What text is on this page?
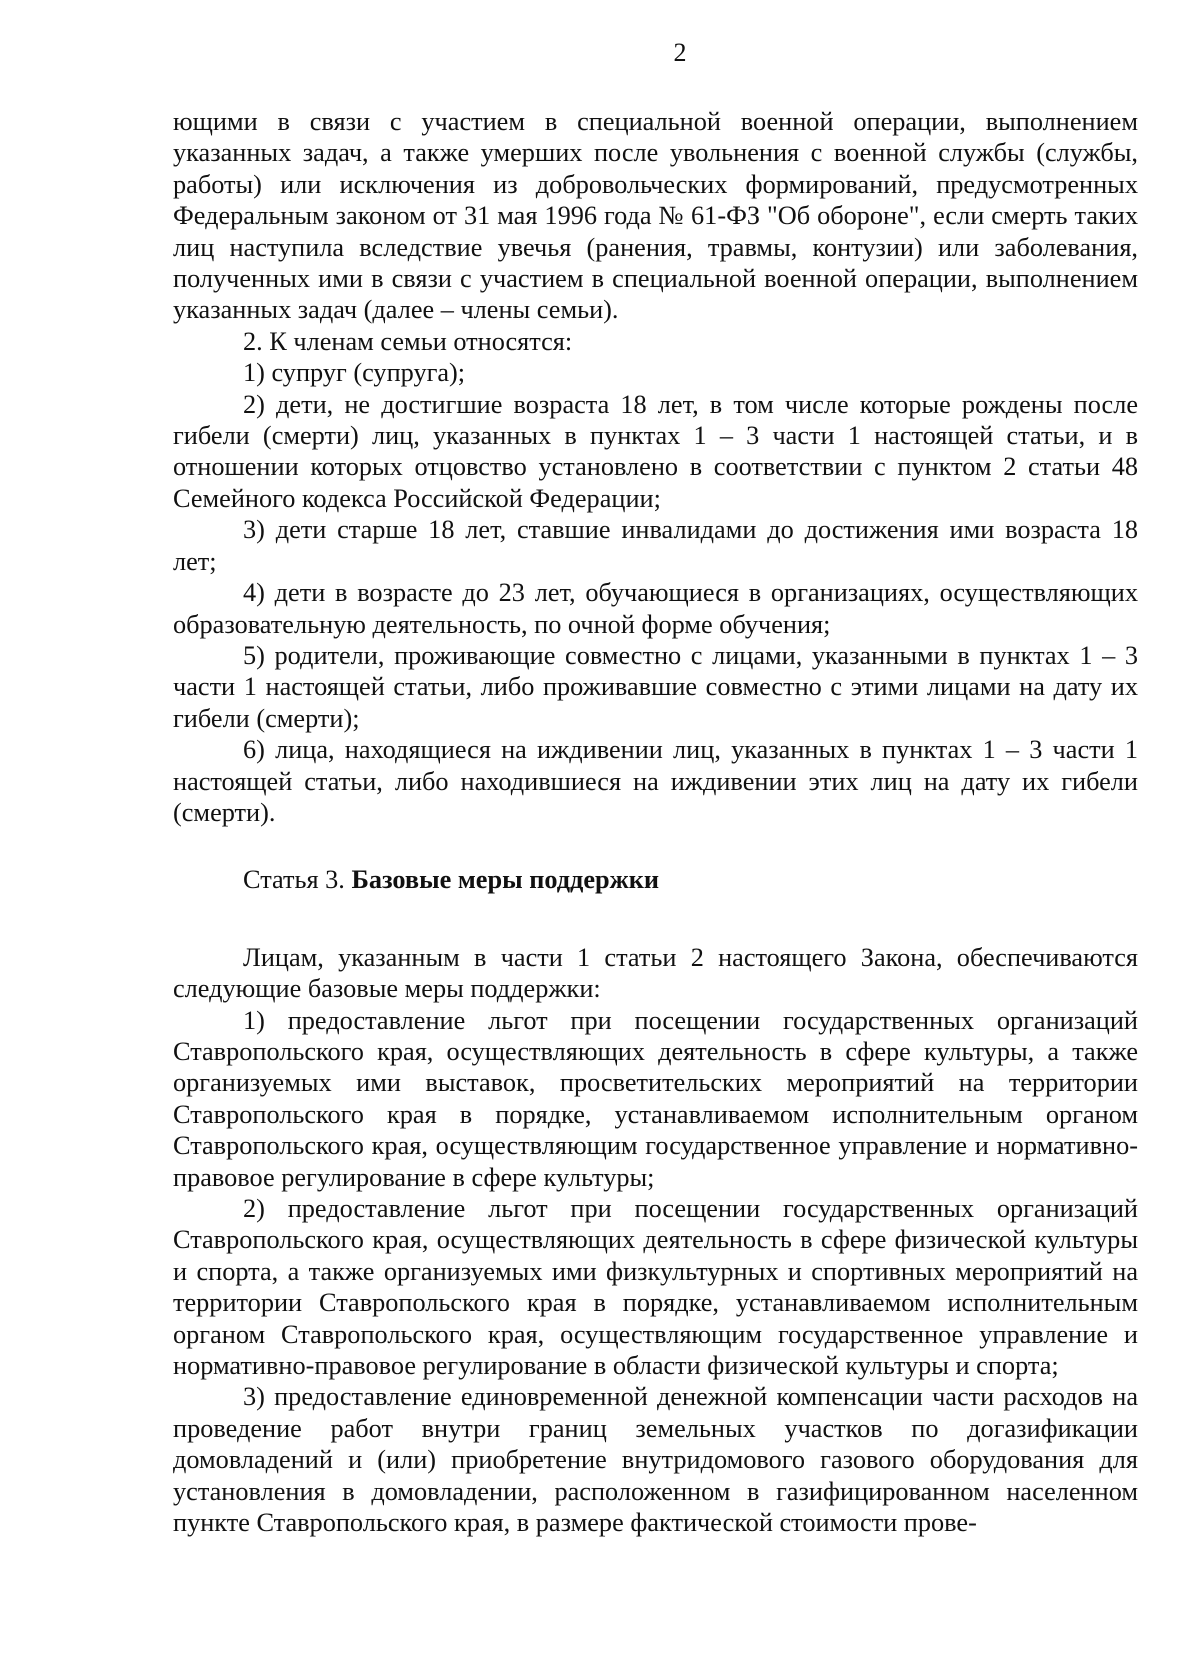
2

ющими в связи с участием в специальной военной операции, выполнением указанных задач, а также умерших после увольнения с военной службы (службы, работы) или исключения из добровольческих формирований, предусмотренных Федеральным законом от 31 мая 1996 года № 61-ФЗ "Об обороне", если смерть таких лиц наступила вследствие увечья (ранения, травмы, контузии) или заболевания, полученных ими в связи с участием в специальной военной операции, выполнением указанных задач (далее – члены семьи).

2. К членам семьи относятся:

1) супруг (супруга);

2) дети, не достигшие возраста 18 лет, в том числе которые рождены после гибели (смерти) лиц, указанных в пунктах 1 – 3 части 1 настоящей статьи, и в отношении которых отцовство установлено в соответствии с пунктом 2 статьи 48 Семейного кодекса Российской Федерации;

3) дети старше 18 лет, ставшие инвалидами до достижения ими возраста 18 лет;

4) дети в возрасте до 23 лет, обучающиеся в организациях, осуществляющих образовательную деятельность, по очной форме обучения;

5) родители, проживающие совместно с лицами, указанными в пунктах 1 – 3 части 1 настоящей статьи, либо проживавшие совместно с этими лицами на дату их гибели (смерти);

6) лица, находящиеся на иждивении лиц, указанных в пунктах 1 – 3 части 1 настоящей статьи, либо находившиеся на иждивении этих лиц на дату их гибели (смерти).

Статья 3. Базовые меры поддержки

Лицам, указанным в части 1 статьи 2 настоящего Закона, обеспечиваются следующие базовые меры поддержки:

1) предоставление льгот при посещении государственных организаций Ставропольского края, осуществляющих деятельность в сфере культуры, а также организуемых ими выставок, просветительских мероприятий на территории Ставропольского края в порядке, устанавливаемом исполнительным органом Ставропольского края, осуществляющим государственное управление и нормативно-правовое регулирование в сфере культуры;

2) предоставление льгот при посещении государственных организаций Ставропольского края, осуществляющих деятельность в сфере физической культуры и спорта, а также организуемых ими физкультурных и спортивных мероприятий на территории Ставропольского края в порядке, устанавливаемом исполнительным органом Ставропольского края, осуществляющим государственное управление и нормативно-правовое регулирование в области физической культуры и спорта;

3) предоставление единовременной денежной компенсации части расходов на проведение работ внутри границ земельных участков по догазификации домовладений и (или) приобретение внутридомового газового оборудования для установления в домовладении, расположенном в газифицированном населенном пункте Ставропольского края, в размере фактической стоимости прове-
